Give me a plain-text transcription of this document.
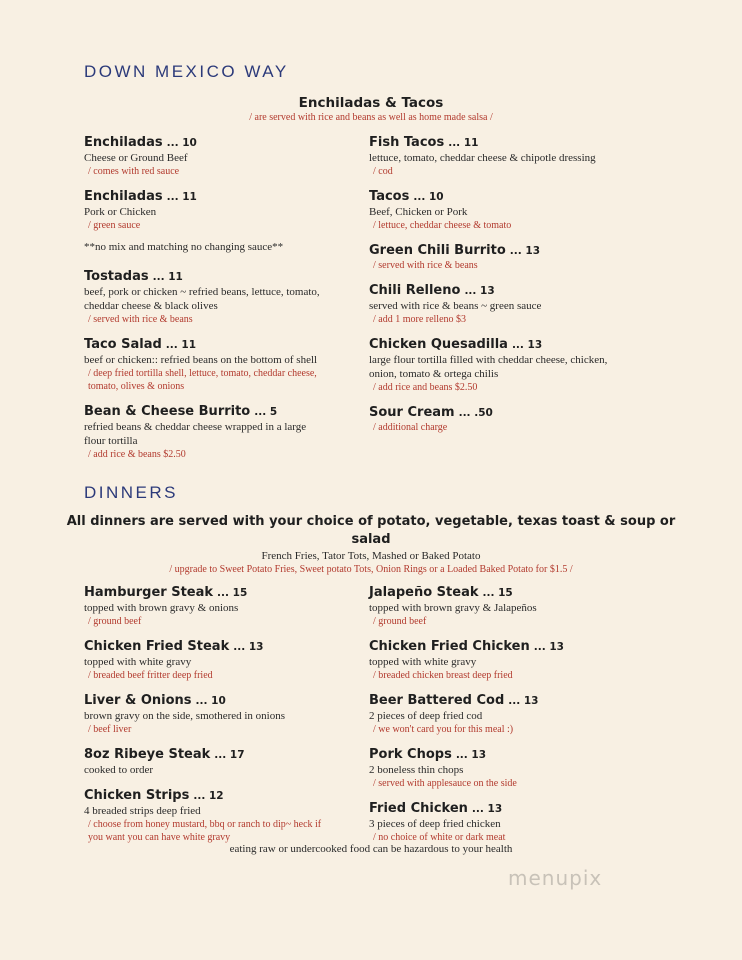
DOWN MEXICO WAY
Enchiladas & Tacos
/ are served with rice and beans as well as home made salsa /
Enchiladas ... 10
Cheese or Ground Beef
/ comes with red sauce
Enchiladas ... 11
Pork or Chicken
/ green sauce
**no mix and matching no changing sauce**
Tostadas ... 11
beef, pork or chicken ~ refried beans, lettuce, tomato, cheddar cheese & black olives
/ served with rice & beans
Taco Salad ... 11
beef or chicken:: refried beans on the bottom of shell
/ deep fried tortilla shell, lettuce, tomato, cheddar cheese, tomato, olives & onions
Bean & Cheese Burrito ... 5
refried beans & cheddar cheese wrapped in a large flour tortilla
/ add rice & beans $2.50
Fish Tacos ... 11
lettuce, tomato, cheddar cheese & chipotle dressing
/ cod
Tacos ... 10
Beef, Chicken or Pork
/ lettuce, cheddar cheese & tomato
Green Chili Burrito ... 13
/ served with rice & beans
Chili Relleno ... 13
served with rice & beans ~ green sauce
/ add 1 more relleno $3
Chicken Quesadilla ... 13
large flour tortilla filled with cheddar cheese, chicken, onion, tomato & ortega chilis
/ add rice and beans $2.50
Sour Cream ... .50
/ additional charge
DINNERS
All dinners are served with your choice of potato, vegetable, texas toast & soup or salad
French Fries, Tator Tots, Mashed or Baked Potato
/ upgrade to Sweet Potato Fries, Sweet potato Tots, Onion Rings or a Loaded Baked Potato for $1.5 /
Hamburger Steak ... 15
topped with brown gravy & onions
/ ground beef
Chicken Fried Steak ... 13
topped with white gravy
/ breaded beef fritter deep fried
Liver & Onions ... 10
brown gravy on the side, smothered in onions
/ beef liver
8oz Ribeye Steak ... 17
cooked to order
Chicken Strips ... 12
4 breaded strips deep fried
/ choose from honey mustard, bbq or ranch to dip~ heck if you want you can have white gravy
Jalapeño Steak ... 15
topped with brown gravy & Jalapeños
/ ground beef
Chicken Fried Chicken ... 13
topped with white gravy
/ breaded chicken breast deep fried
Beer Battered Cod ... 13
2 pieces of deep fried cod
/ we won't card you for this meal :)
Pork Chops ... 13
2 boneless thin chops
/ served with applesauce on the side
Fried Chicken ... 13
3 pieces of deep fried chicken
/ no choice of white or dark meat
eating raw or undercooked food can be hazardous to your health
menupix
